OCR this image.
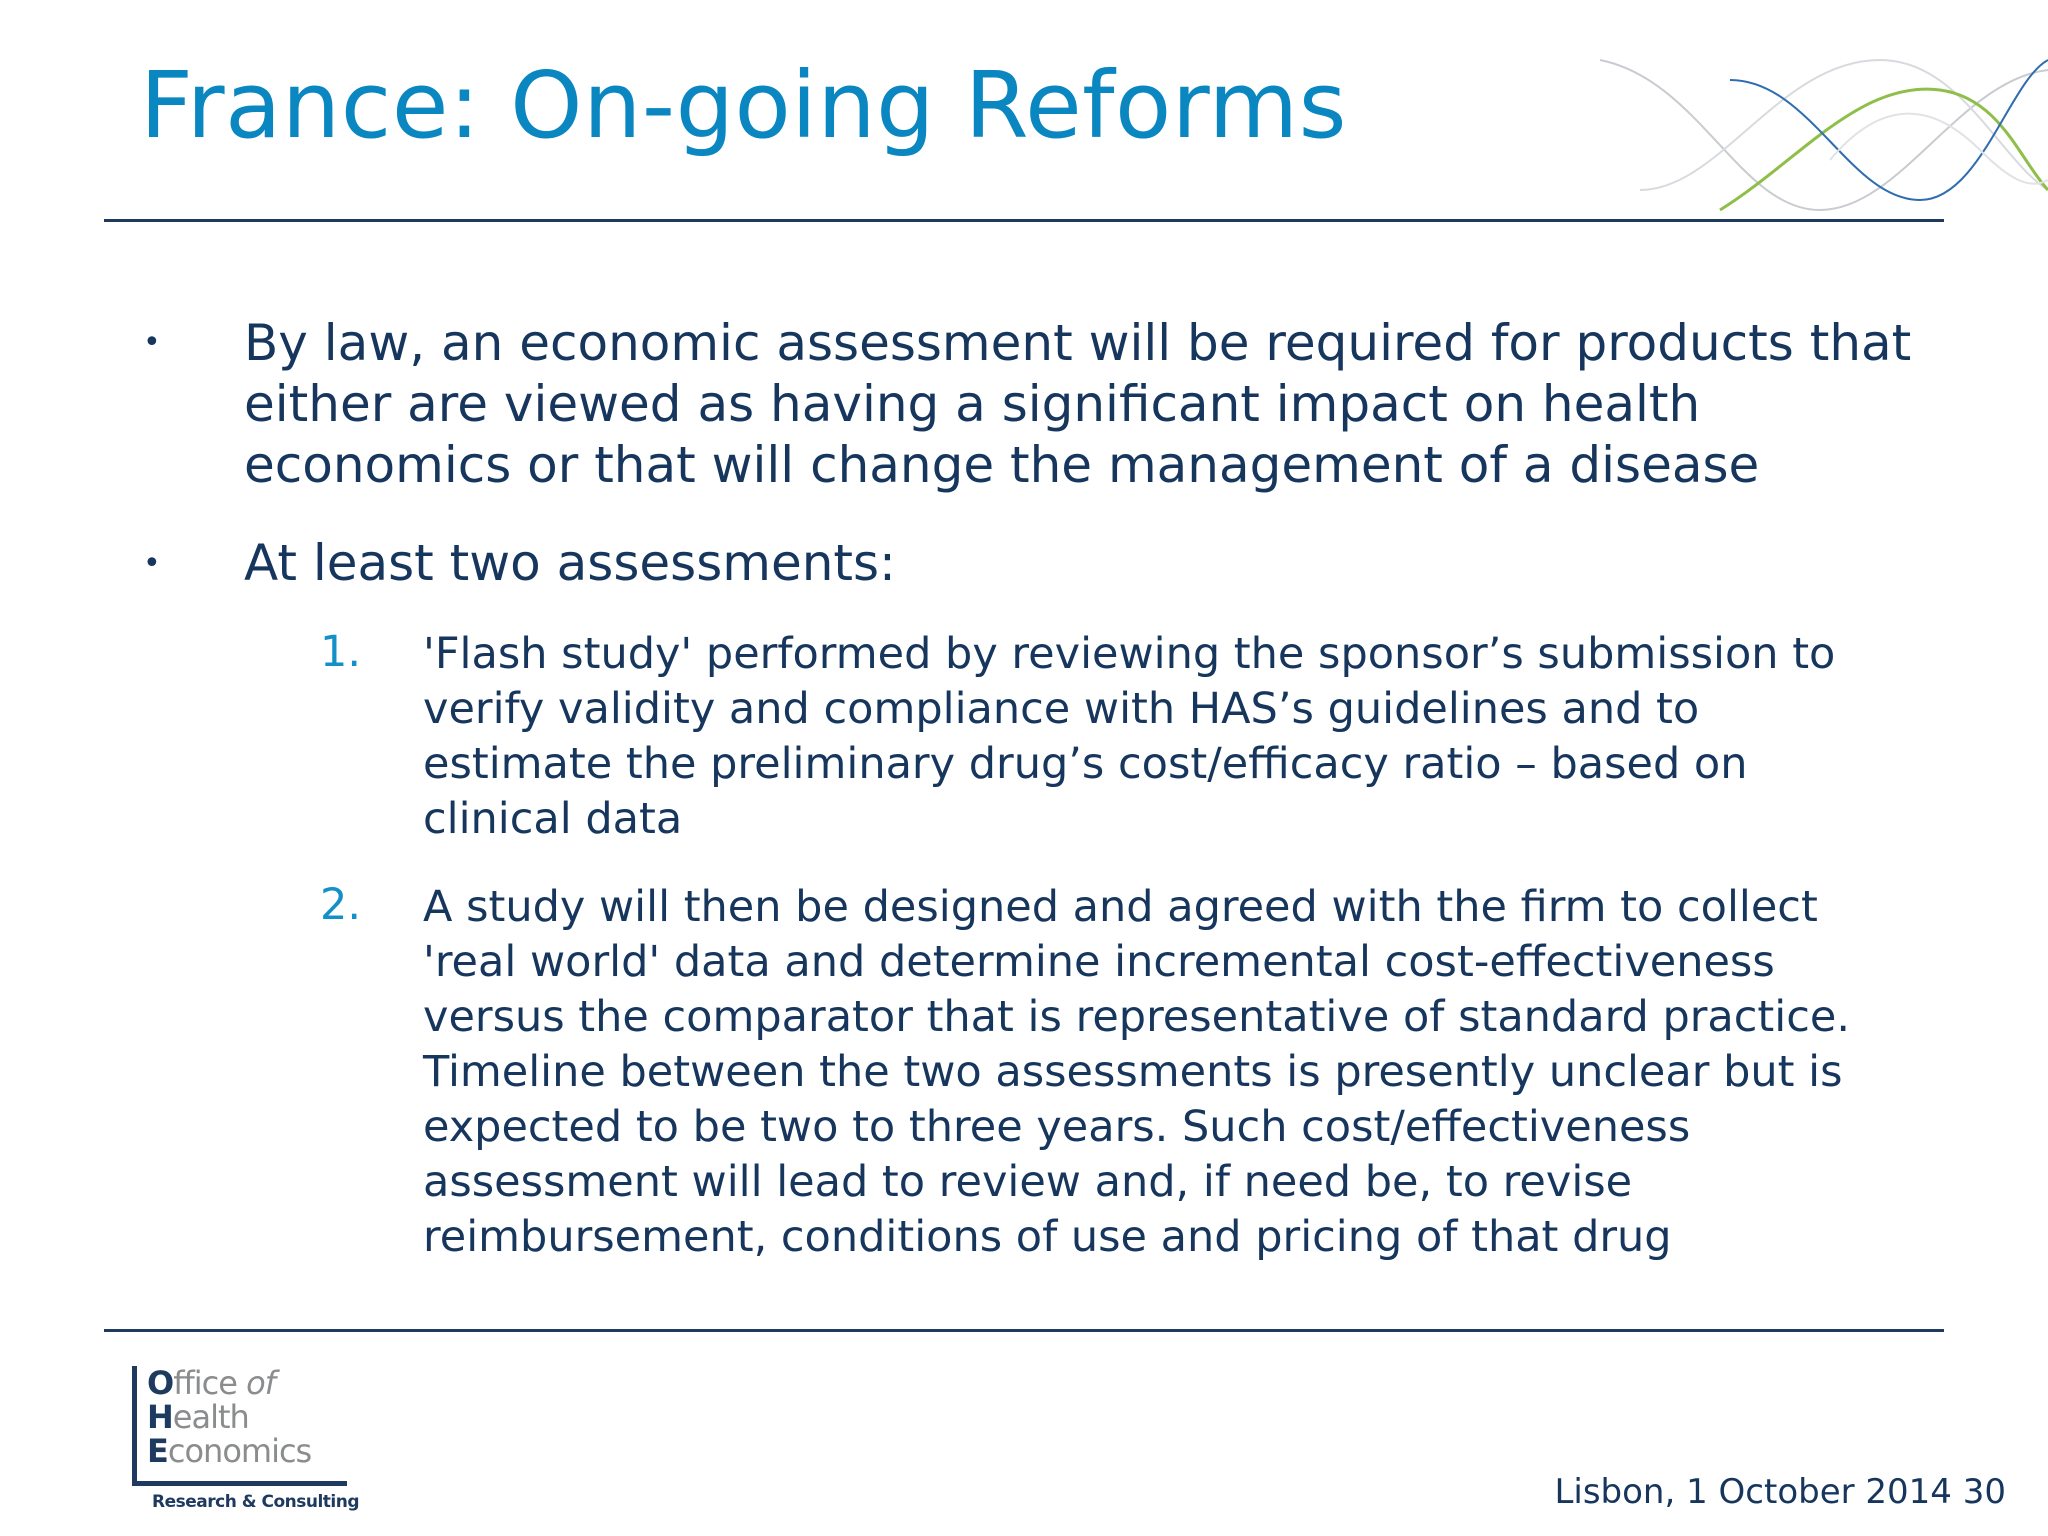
France: On-going Reforms
• By law, an economic assessment will be required for products that
either are viewed as having a significant impact on health
economics or that will change the management of a disease
• At least two assessments:
1. 'Flash study' performed by reviewing the sponsor’s submission to
verify validity and compliance with HAS’s guidelines and to
estimate the preliminary drug’s cost/efficacy ratio – based on
clinical data
2. A study will then be designed and agreed with the firm to collect
'real world' data and determine incremental cost-effectiveness
versus the comparator that is representative of standard practice.
Timeline between the two assessments is presently unclear but is
expected to be two to three years. Such cost/effectiveness
assessment will lead to review and, if need be, to revise
reimbursement, conditions of use and pricing of that drug
Office of
Health
Economics
Research & Consulting	Lisbon, 1 October 2014 30
